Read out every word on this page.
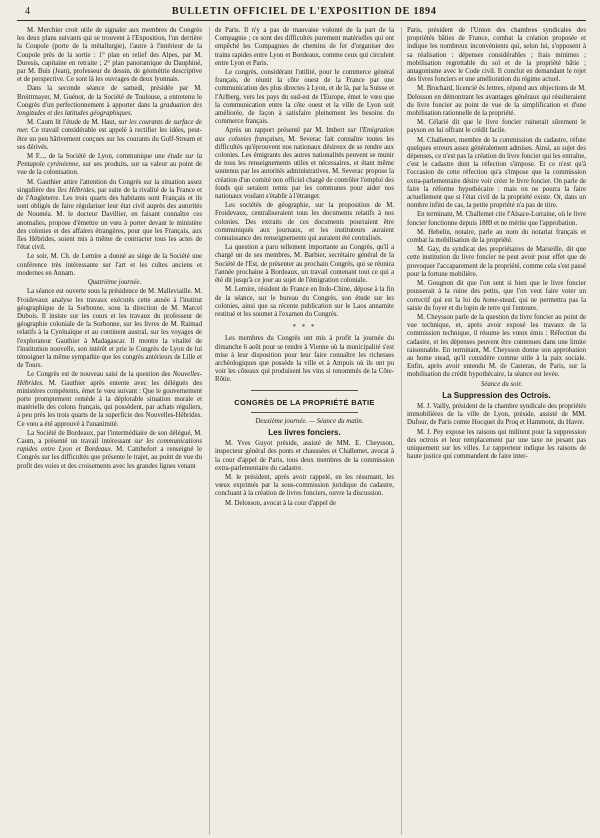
4	BULLETIN OFFICIEL DE L'EXPOSITION DE 1894

M. Merchier croit utile de signaler aux membres du Congrès les deux plans suivants qui se trouvent à l'Exposition, l'un derrière la Coupole (porte de la métallurgie), l'autre à l'intérieur de la Coupole près de la sortie : 1° plan en relief des Alpes, par M. Duresis, capitaine en retraite ; 2° plan panoramique du Dauphiné, par M. Buis (Jean), professeur de dessin, de géométrie descriptive et de perspective. Ce sont là les ouvrages de deux lyonnais.

Dans la seconde séance de samedi, présidée par M. Breittmayer, M. Guénot, de la Société de Toulouse, a entretenu le Congrès d'un perfectionnement à apporter dans la graduation des longitudes et des latitudes géographiques.

M. Caum lit l'étude de M. Haut, sur les courants de surface de mer. Ce travail considérable est appelé à rectifier les idées, peut-être un peu hâtivement conçues sur les courants du Gulf-Stream et ses dérivés.

M F..., de la Société de Lyon, communique une étude sur la Pentapole cyrénéenne, sur ses produits, sur sa valeur au point de vue de la colonisation.

M. Gauthier attire l'attention du Congrès sur la situation assez singulière des îles Hébrides, par suite de la rivalité de la France et de l'Angleterre. Les trois quarts des habitants sont Français et ils sont obligés de faire régulariser leur état civil auprès des autorités de Nouméa. M. le docteur Davillier, en faisant connaître ces anomalies, propose d'émettre un vœu à porter devant le ministère des colonies et des affaires étrangères, pour que les Français, aux îles Hébrides, soient mis à même de contracter tous les actes de l'état civil.

Le soir, M. Ch. de Lemire a donné au siège de la Société une conférence très intéressante sur l'art et les cultes anciens et modernes en Annam.

Quatrième journée.

La séance est ouverte sous la présidence de M. Malleviaille. M. Froidevaux analyse les travaux exécutés cette année à l'institut géographique de la Sorbonne, sous la direction de M. Marcel Dubois. Il insiste sur les cours et les travaux du professeur de géographie coloniale de la Sorbonne, sur les livres de M. Raimad relatifs à la Cyrénaïque et au continent austral, sur les voyages de l'explorateur Gauthier à Madagascar. Il montre la vitalité de l'institution nouvelle, son intérêt et prie le Congrès de Lyon de lui témoigner la même sympathie que les congrès antérieurs de Lille et de Tours.

Le Congrès est de nouveau saisi de la question des Nouvelles-Hébrides. M. Gauthier après entente avec les délégués des ministères compétents, émet le vœu suivant : Que le gouvernement porte promptement remède à la déplorable situation morale et matérielle des colons français, qui possèdent, par achats réguliers, à peu près les trois quarts de la superficie des Nouvelles-Hébrides. Ce vœu a été approuvé à l'unanimité.

La Société de Bordeaux, par l'intermédiaire de son délégué, M. Caum, a présenté un travail intéressant sur les communications rapides entre Lyon et Bordeaux. M. Cambefort a renseigné le Congrès sur les difficultés que présente le trajet, au point de vue du profit des voies et des croisements avec les grandes lignes venant

de Paris. Il n'y a pas de mauvaise volonté de la part de la Compagnie ; ce sont des difficultés purement matérielles qui ont empêché les Compagnies de chemins de fer d'organiser des trains rapides entre Lyon et Bordeaux, comme ceux qui circulent entre Lyon et Paris.

Le congrès, considérant l'utilité, pour le commerce général français, de réunir la côte ouest de la France par une communication des plus directes à Lyon, et de là, par la Suisse et l'Arlberg, vers les pays du sud-est de l'Europe, émet le vœu que la communication entre la côte ouest et la ville de Lyon soit améliorée, de façon à satisfaire pleinement les besoins du commerce français.

Après un rapport présenté par M. Imbert sur l'Emigration aux colonies françaises, M. Severac fait connaître toutes les difficultés qu'éprouvent nos nationaux désireux de se rendre aux colonies. Les émigrants des autres nationalités peuvent se munir de tous les renseignements utiles et nécessaires, et étant même soutenus par les autorités administratives. M. Severac propose la création d'un comité non officiel chargé de contrôler l'emploi des fonds qui seraient remis par les communes pour aider nos nationaux voulant s'établir à l'étranger.

Les sociétés de géographie, sur la proposition de M. Froidevaux, centraliseraient tous les documents relatifs à nos colonies. Des extraits de ces documents pourraient être communiqués aux journaux, et les instituteurs auraient connaissance des renseignements qui auraient été centralisés.

La question a paru tellement importante au Congrès, qu'il a chargé un de ses membres, M. Barbier, secrétaire général de la Société de l'Est, de présenter au prochain Congrès, qui se réunira l'année prochaine à Bordeaux, un travail contenant tout ce qui a été dit jusqu'à ce jour au sujet de l'émigration coloniale.

M. Lemire, résident de France en Indo-Chine, dépose à la fin de la séance, sur le bureau du Congrès, son étude sur les colonies, ainsi que sa récente publication sur le Laos annamite restitué et les soumet à l'examen du Congrès.

* * *

Les membres du Congrès ont mis à profit la journée du dimanche 6 août pour se rendre à Vienne où la municipalité s'est mise à leur disposition pour leur faire connaître les richesses archéologiques que possède la ville et à Ampuis où ils ont pu voir les côteaux qui produisent les vins si renommés de la Côte-Rôtie.

CONGRÈS DE LA PROPRIÉTÉ BATIE

Deuxième journée. — Séance du matin.

Les livres fonciers.

M. Yves Guyot préside, assisté de MM. E. Cheysson, inspecteur général des ponts et chaussées et Challemet, avocat à la cour d'appel de Paris, tous deux membres de la commission extra-parlementaire du cadastre.

M. le président, après avoir rappelé, en les résumant, les vœux exprimés par la sous-commission juridique du cadastre, concluant à la création de livres fonciers, ouvre la discussion.

M. Delosson, avocat à la cour d'appel de

Paris, président de l'Union des chambres syndicales des propriétés bâties de France, combat la création proposée et indique les nombreux inconvénients qui, selon lui, s'opposent à sa réalisation : dépenses considérables ; frais minimes ; mobilisation regrettable du sol et de la propriété bâtie ; antagonisme avec le Code civil. Il conclut en demandant le rejet des livres fonciers et une amélioration du régime actuel.

M. Brochard, licencié ès lettres, répond aux objections de M. Delosson en démontrant les avantages généraux qui résulteraient du livre foncier au point de vue de la simplification et d'une mobilisation rationnelle de la propriété.

M. Célarié dit que le livre foncier ruinerait sûrement le payson en lui offrant le crédit facile.

M. Challemet, membre de la commission du cadastre, réfute quelques erreurs assez généralement admises. Ainsi, au sujet des dépenses, ce n'est pas la création du livre foncier qui les entraîne, c'est le cadastre dont la réfection s'impose. Et ce n'est qu'à l'occasion de cette réfection qu'a s'impose que la commission extra-parlementaire désire voir créer le livre foncier. On parle de faire la réforme hypothécaire : mais on ne pourra la faire actuellement que si l'état civil de la propriété existe. Or, dans un nombre infini de cas, la petite propriété n'a pas de titre.

En terminant, M. Challemet cite l'Alsace-Lorraine, où le livre foncier fonctionne depuis 1889 et ne mérite que l'approbation.

M. Hebelin, notaire, parle au nom du notariat français et combat la mobilisation de la propriété.

M. Gay, du syndicat des propriétaires de Marseille, dit que cette institution du livre foncier ne peut avoir pour effet que de provoquer l'accaparement de la propriété, comme cela s'est passé pour la fortune mobilière.

M. Gougnon dit que l'on sent si bien que le livre foncier pousserait à la ruine des petits, que l'on veut faire voter un correctif qui est la loi du home-stead, qui ne permettra pas la saisie du foyer et du lopin de terre qui l'entoure.

M. Cheysson parle de la question du livre foncier au point de vue technique, et, après avoir exposé les travaux de la commission technique, il résume les vœux émis : Réfection du cadastre, et les dépenses peuvent être contenues dans une limite raisonnable. En terminant, M. Cheysson donne son approbation au home stead, qu'il considère comme utile à la paix sociale. Enfin, après avoir entendu M. de Casteran, de Paris, sur la mobilisation du crédit hypothécaire, la séance est levée.

Séance du soir.

La Suppression des Octrois.

M. J. Vailly, président de la chambre syndicale des propriétés immobilières de la ville de Lyon, préside, assisté de MM. Dufour, de Paris comte Hocquet du Proq et Hammont, du Havre.

M. J. Pey expose les raisons qui militent pour la suppression des octrois et leur remplacement par une taxe ne pesant pas uniquement sur les villes. Le rapporteur indique les raisons de haute justice qui commandent de faire inter-
